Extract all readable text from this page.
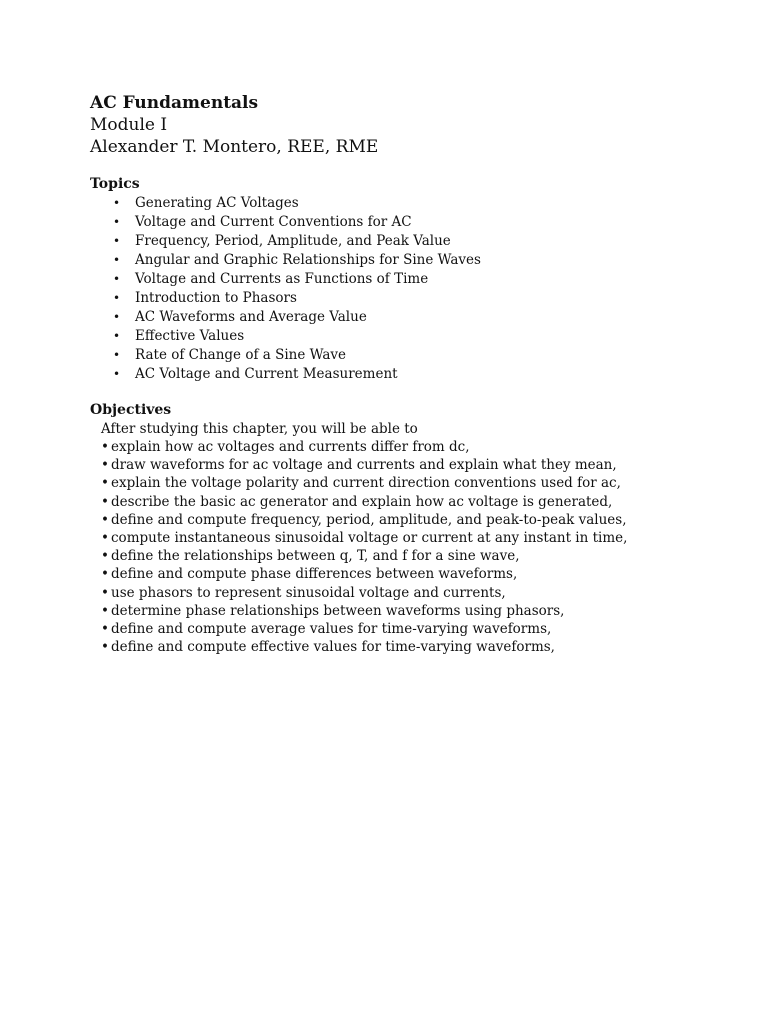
AC Fundamentals
Module I
Alexander T. Montero, REE, RME
Topics
• Generating AC Voltages
• Voltage and Current Conventions for AC
• Frequency, Period, Amplitude, and Peak Value
• Angular and Graphic Relationships for Sine Waves
• Voltage and Currents as Functions of Time
• Introduction to Phasors
• AC Waveforms and Average Value
• Effective Values
• Rate of Change of a Sine Wave
• AC Voltage and Current Measurement
Objectives
After studying this chapter, you will be able to
• explain how ac voltages and currents differ from dc,
• draw waveforms for ac voltage and currents and explain what they mean,
• explain the voltage polarity and current direction conventions used for ac,
• describe the basic ac generator and explain how ac voltage is generated,
• define and compute frequency, period, amplitude, and peak-to-peak values,
• compute instantaneous sinusoidal voltage or current at any instant in time,
• define the relationships between q, T, and f for a sine wave,
• define and compute phase differences between waveforms,
• use phasors to represent sinusoidal voltage and currents,
• determine phase relationships between waveforms using phasors,
• define and compute average values for time-varying waveforms,
• define and compute effective values for time-varying waveforms,
